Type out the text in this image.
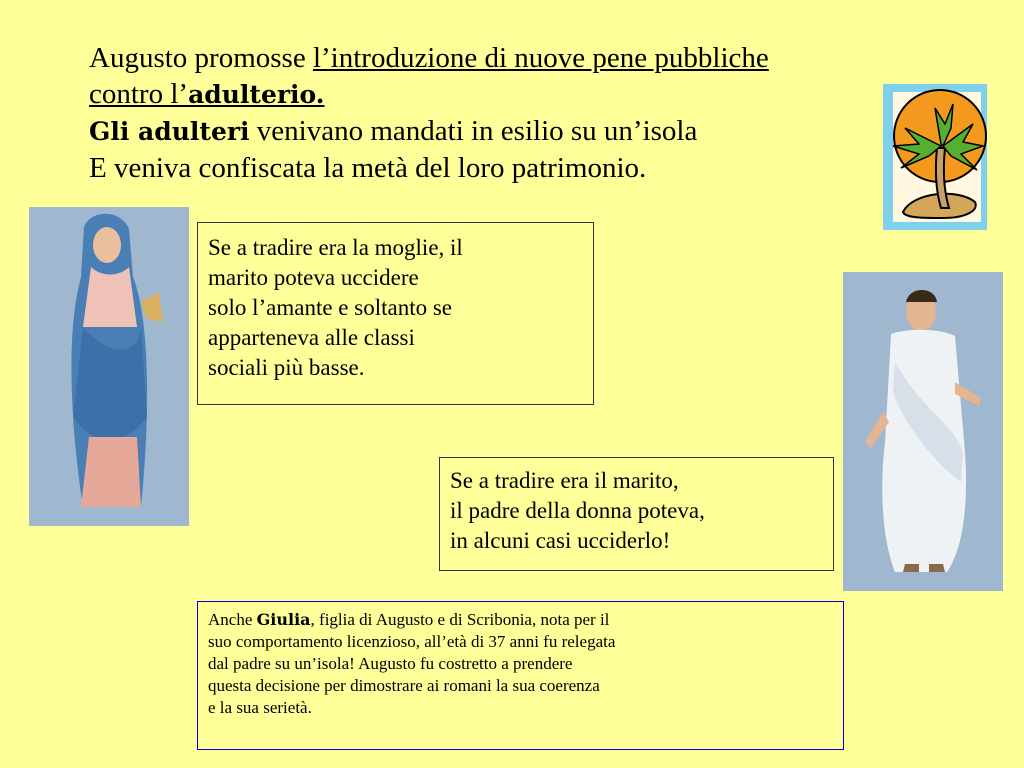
Augusto promosse l’introduzione di nuove pene pubbliche
contro l’adulterio.
Gli adulteri venivano mandati in esilio su un’isola
E veniva confiscata la metà del loro patrimonio.
Se a tradire era la moglie, il
marito poteva uccidere
solo l’amante e soltanto se
apparteneva alle classi
sociali più basse.
Se a tradire era il marito,
il padre della donna poteva,
in alcuni casi ucciderlo!
Anche Giulia, figlia di Augusto e di Scribonia, nota per il
suo comportamento licenzioso, all’età di 37 anni fu relegata
dal padre su un’isola! Augusto fu costretto a prendere
questa decisione per dimostrare ai romani la sua coerenza
e la sua serietà.
